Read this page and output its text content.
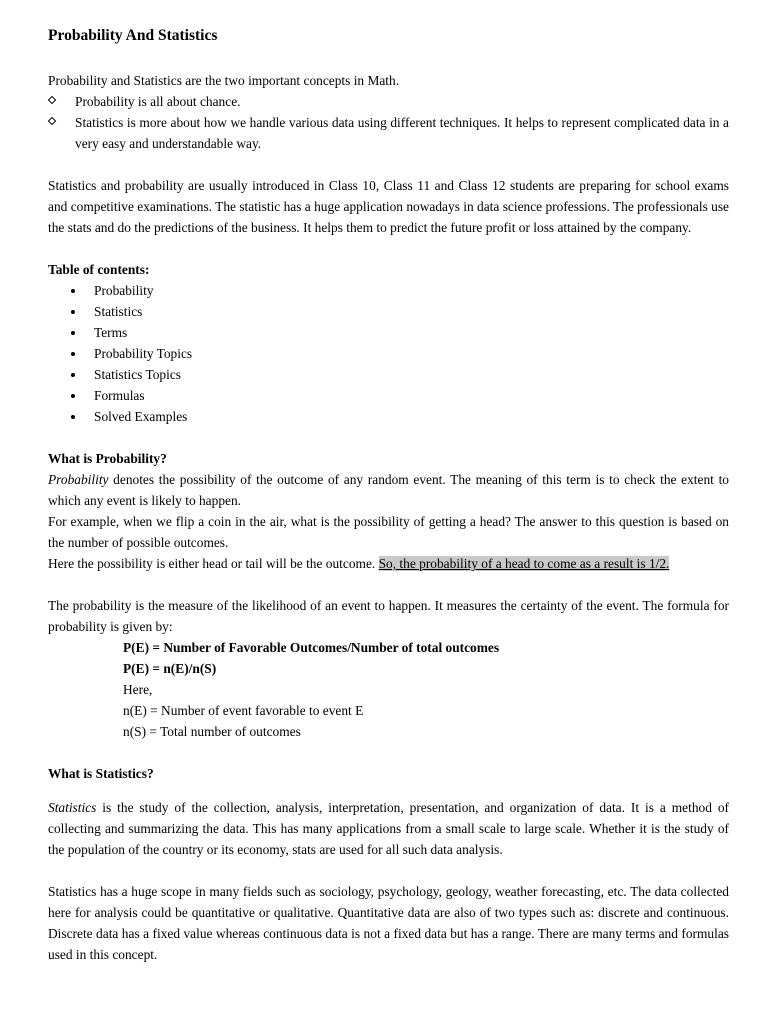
Probability And Statistics

Probability and Statistics are the two important concepts in Math.

Probability is all about chance.
Statistics is more about how we handle various data using different techniques. It helps to represent complicated data in a very easy and understandable way.

Statistics and probability are usually introduced in Class 10, Class 11 and Class 12 students are preparing for school exams and competitive examinations. The statistic has a huge application nowadays in data science professions. The professionals use the stats and do the predictions of the business. It helps them to predict the future profit or loss attained by the company.

Table of contents:

Probability
Statistics
Terms
Probability Topics
Statistics Topics
Formulas
Solved Examples

What is Probability?

Probability denotes the possibility of the outcome of any random event. The meaning of this term is to check the extent to which any event is likely to happen.

For example, when we flip a coin in the air, what is the possibility of getting a head? The answer to this question is based on the number of possible outcomes.

Here the possibility is either head or tail will be the outcome. So, the probability of a head to come as a result is 1/2.

The probability is the measure of the likelihood of an event to happen. It measures the certainty of the event. The formula for probability is given by:

P(E) = Number of Favorable Outcomes/Number of total outcomes

P(E) = n(E)/n(S)

Here,

n(E) = Number of event favorable to event E

n(S) = Total number of outcomes

What is Statistics?

Statistics is the study of the collection, analysis, interpretation, presentation, and organization of data. It is a method of collecting and summarizing the data. This has many applications from a small scale to large scale. Whether it is the study of the population of the country or its economy, stats are used for all such data analysis.

Statistics has a huge scope in many fields such as sociology, psychology, geology, weather forecasting, etc. The data collected here for analysis could be quantitative or qualitative. Quantitative data are also of two types such as: discrete and continuous. Discrete data has a fixed value whereas continuous data is not a fixed data but has a range. There are many terms and formulas used in this concept.
